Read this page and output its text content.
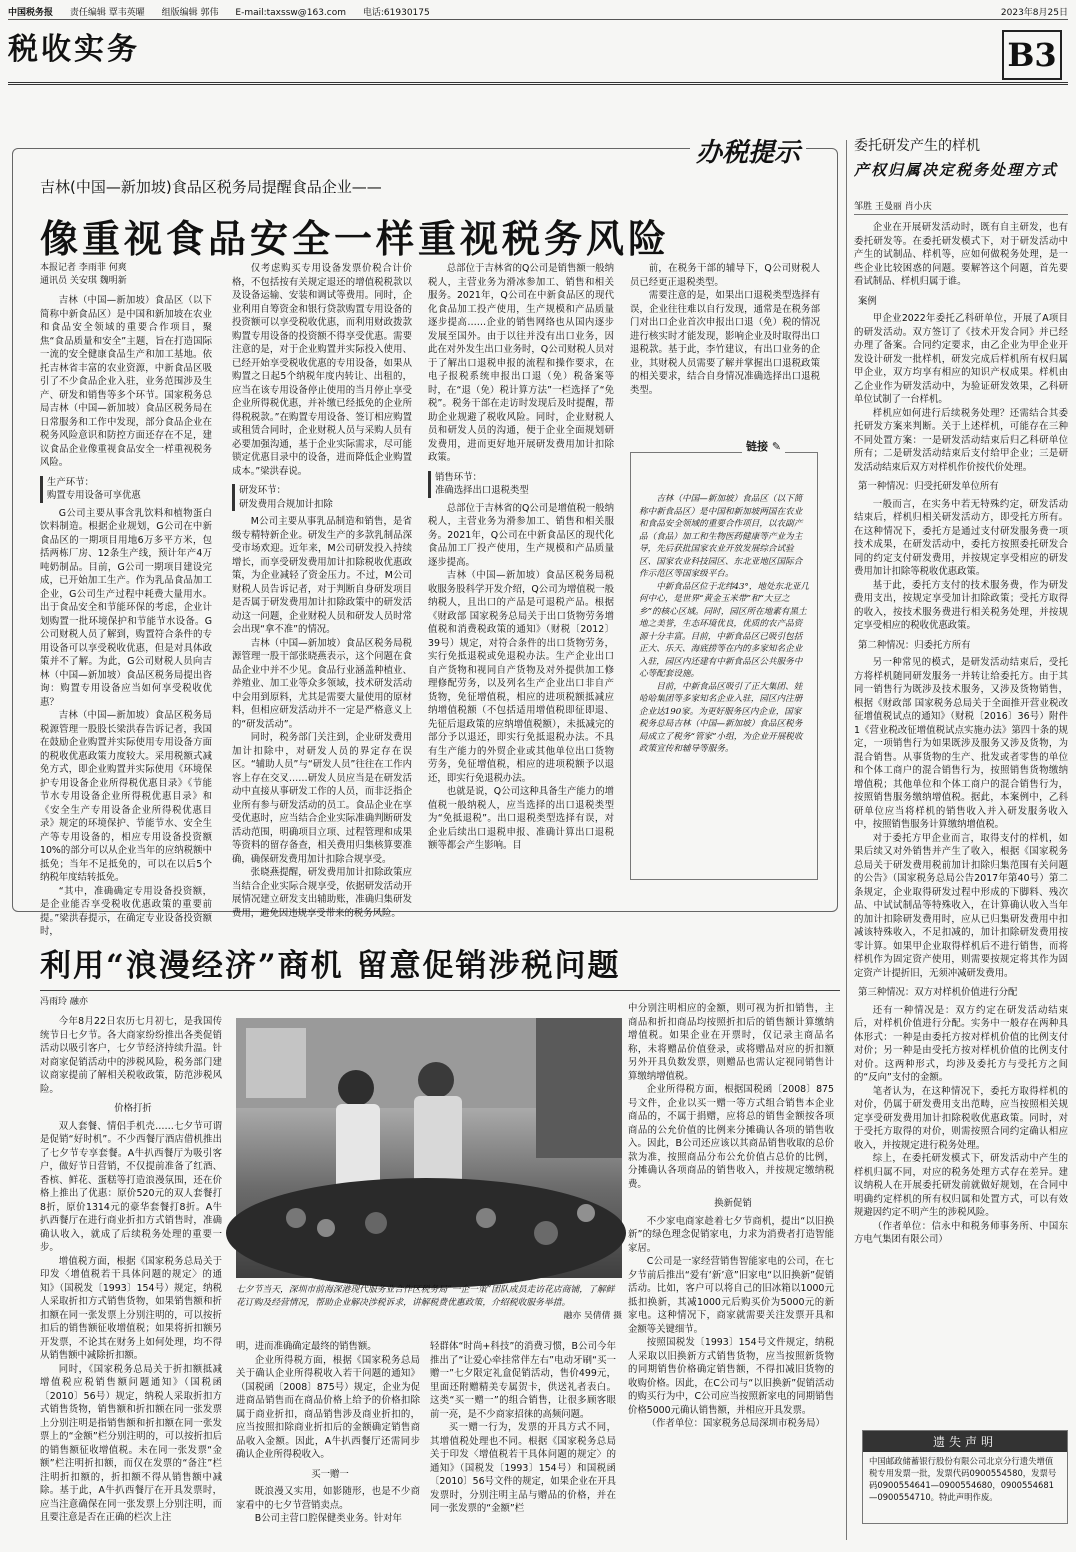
中国税务报 责任编辑 覃韦英曜 组版编辑 郭伟 E-mail:taxssw@163.com 电话:61930175	2023年8月25日
税收实务	B3
办税提示
吉林(中国—新加坡)食品区税务局提醒食品企业——
像重视食品安全一样重视税务风险
本报记者 李雨菲 何爽
通讯员 关安琪 魏明新

吉林（中国—新加坡）食品区（以下简称中新食品区）是中国和新加坡在农业和食品安全领域的重要合作项目，聚焦“食品质量和安全”主题，旨在打造国际一流的安全健康食品生产和加工基地。依托吉林省丰富的农业资源，中新食品区吸引了不少食品企业入驻，业务范围涉及生产、研发和销售等多个环节。国家税务总局吉林（中国—新加坡）食品区税务局在日常服务和工作中发现，部分食品企业在税务风险意识和防控方面还存在不足，建议食品企业像重视食品安全一样重视税务风险。

生产环节：
购置专用设备可享优惠

G公司主要从事含乳饮料和植物蛋白饮料制造。根据企业规划，G公司在中新食品区的一期项目用地6万多平方米，包括两栋厂房、12条生产线，预计年产4万吨奶制品。目前，G公司一期项目建设完成，已开始加工生产。作为乳品食品加工企业，G公司生产过程中耗费大量用水。出于食品安全和节能环保的考虑，企业计划购置一批环境保护和节能节水设备。G公司财税人员了解到，购置符合条件的专用设备可以享受税收优惠，但是对具体政策并不了解。为此，G公司财税人员向吉林（中国—新加坡）食品区税务局提出咨询：购置专用设备应当如何享受税收优惠？

吉林（中国—新加坡）食品区税务局税源管理一股股长梁洪春告诉记者，我国在鼓励企业购置并实际使用专用设备方面的税收优惠政策力度较大。采用税额式减免方式，即企业购置并实际使用《环境保护专用设备企业所得税优惠目录》《节能节水专用设备企业所得税优惠目录》和《安全生产专用设备企业所得税优惠目录》规定的环境保护、节能节水、安全生产等专用设备的，相应专用设备投资额10%的部分可以从企业当年的应纳税额中抵免；当年不足抵免的，可以在以后5个纳税年度结转抵免。

“其中，准确确定专用设备投资额，是企业能否享受税收优惠政策的重要前提。”梁洪春提示，在确定专业设备投资额时，

仅考虑购买专用设备发票价税合计价格，不包括按有关规定退还的增值税税款以及设备运输、安装和调试等费用。同时，企业利用自筹资金和银行贷款购置专用设备的投资额可以享受税收优惠，而利用财政拨款购置专用设备的投资额不得享受优惠。需要注意的是，对于企业购置并实际投入使用、已经开始享受税收优惠的专用设备，如果从购置之日起5个纳税年度内转让、出租的，应当在该专用设备停止使用的当月停止享受企业所得税优惠，并补缴已经抵免的企业所得税税款。”在购置专用设备、签订相应购置或租赁合同时，企业财税人员与采购人员有必要加强沟通，基于企业实际需求，尽可能锁定优惠目录中的设备，进而降低企业购置成本。”梁洪春说。

研发环节：
研发费用合规加计扣除

M公司主要从事乳品制造和销售，是省级专精特新企业。研发生产的多款乳制品深受市场欢迎。近年来，M公司研发投入持续增长，而享受研发费用加计扣除税收优惠政策，为企业减轻了资金压力。不过，M公司财税人员告诉记者，对于判断自身研发项目是否属于研发费用加计扣除政策中的研发活动这一问题，企业财税人员和研发人员时常会出现“拿不准”的情况。

吉林（中国—新加坡）食品区税务局税源管理一股干部张晓燕表示，这个问题在食品企业中并不少见。食品行业涵盖种植业、养殖业、加工业等众多领域，技术研发活动中会用到原料，尤其是需要大量使用的原材料，但相应研发活动并不一定是严格意义上的“研发活动”。

同时，税务部门关注到，企业研发费用加计扣除中，对研发人员的界定存在误区。“辅助人员”与“研发人员”往往在工作内容上存在交叉……研发人员应当是在研发活动中直接从事研发工作的人员，而非泛指企业所有参与研发活动的员工。食品企业在享受优惠时，应当结合企业实际准确判断研发活动范围，明确项目立项、过程管理和成果等资料的留存备查，相关费用归集核算要准确，确保研发费用加计扣除合规享受。

张晓燕提醒，研发费用加计扣除政策应当结合企业实际合规享受，依据研发活动开展情况建立研发支出辅助账，准确归集研发费用，避免因违规享受带来的税务风险。

总部位于吉林省的Q公司是销售额一般纳税人，主营业务为滑冰参加工、销售和相关服务。2021年，Q公司在中新食品区的现代化食品加工投产使用，生产规模和产品质量逐步提高……企业的销售网络也从国内逐步发展至国外。由于以往并没有出口业务，因此在对外发生出口业务时，Q公司财税人员对于了解出口退税申报的流程和操作要求，在电子报税系统申报出口退（免）税备案等时，在“退（免）税计算方法”一栏选择了“免税”。税务干部在走访时发现后及时提醒，帮助企业规避了税收风险。同时，企业财税人员和研发人员的沟通，便于企业全面规划研发费用，进而更好地开展研发费用加计扣除政策。

销售环节：
准确选择出口退税类型

总部位于吉林省的Q公司是增值税一般纳税人，主营业务为滑参加工、销售和相关服务。2021年，Q公司在中新食品区的现代化食品加工厂投产使用，生产规模和产品质量逐步提高。

吉林（中国—新加坡）食品区税务局税收服务股科学开发介绍，Q公司为增值税一般纳税人，且出口的产品是可退税产品。根据《财政部 国家税务总局关于出口货物劳务增值税和消费税政策的通知》（财税〔2012〕39号）规定，对符合条件的出口货物劳务，实行免抵退税或免退税办法。生产企业出口自产货物和视同自产货物及对外提供加工修理修配劳务，以及列名生产企业出口非自产货物，免征增值税，相应的进项税额抵减应纳增值税额（不包括适用增值税即征即退、先征后退政策的应纳增值税额），未抵减完的部分予以退还，即实行免抵退税办法。不具有生产能力的外贸企业或其他单位出口货物劳务，免征增值税，相应的进项税额予以退还，即实行免退税办法。

也就是说，Q公司这种具备生产能力的增值税一般纳税人，应当选择的出口退税类型为“免抵退税”。出口退税类型选择有误，对企业后续出口退税申报、准确计算出口退税额等都会产生影响。目

前，在税务干部的辅导下，Q公司财税人员已经更正退税类型。

需要注意的是，如果出口退税类型选择有误，企业往往难以自行发现，通常是在税务部门对出口企业首次申报出口退（免）税的情况进行核实时才能发现，影响企业及时取得出口退税款。基于此，李竹建议，有出口业务的企业，其财税人员需要了解并掌握出口退税政策的相关要求，结合自身情况准确选择出口退税类型。

吉林（中国—新加坡）食品区（以下简称中新食品区）是中国和新加坡两国在农业和食品安全领域的重要合作项目，以农副产品（食品）加工和生物医药健康等产业为主导，先后获批国家农业开放发展综合试验区、国家农业科技园区、东北亚地区国际合作示范区等国家级平台。

中新食品区位于北纬43°，地处东北亚几何中心，是世界“黄金玉米带”和“大豆之乡”的核心区域。同时，园区所在地素有黑土地之美誉，生态环境优良，优质的农产品资源十分丰富。目前，中新食品区已吸引包括正大、乐天、海底捞等在内的多家知名企业入驻，园区内还建有中新食品区公共服务中心等配套设施。

目前，中新食品区吸引了正大集团、娃哈哈集团等多家知名企业入驻，园区内注册企业达190家。为更好服务区内企业，国家税务总局吉林（中国—新加坡）食品区税务局成立了税务“管家”小组，为企业开展税收政策宣传和辅导等服务。

链接 ✎
利用“浪漫经济”商机 留意促销涉税问题
冯雨玲 融亦

今年8月22日农历七月初七，是我国传统节日七夕节。各大商家纷纷推出各类促销活动以吸引客户，七夕节经济持续升温。针对商家促销活动中的涉税风险，税务部门建议商家提前了解相关税收政策，防范涉税风险。

价格打折

双人套餐、情侣手机壳……七夕节可谓是促销“好时机”。不少西餐厅酒店借机推出了七夕节专享套餐。A牛扒西餐厅为吸引客户，做好节日营销，不仅提前准备了红酒、香槟、鲜花、蛋糕等打造浪漫氛围，还在价格上推出了优惠：原价520元的双人套餐打8折，原价1314元的豪华套餐打8折。A牛扒西餐厅在进行商业折扣方式销售时，准确确认收入，就成了后续税务处理的重要一步。

增值税方面，根据《国家税务总局关于印发〈增值税若干具体问题的规定〉的通知》（国税发〔1993〕154号）规定，纳税人采取折扣方式销售货物，如果销售额和折扣额在同一张发票上分别注明的，可以按折扣后的销售额征收增值税；如果将折扣额另开发票，不论其在财务上如何处理，均不得从销售额中减除折扣额。

同时，《国家税务总局关于折扣额抵减增值税应税销售额问题通知》（国税函〔2010〕56号）规定，纳税人采取折扣方式销售货物，销售额和折扣额在同一张发票上分别注明是指销售额和折扣额在同一张发票上的“金额”栏分别注明的，可以按折扣后的销售额征收增值税。未在同一张发票“金额”栏注明折扣额，而仅在发票的“备注”栏注明折扣额的，折扣额不得从销售额中减除。基于此，A牛扒西餐厅在开具发票时，应当注意确保在同一张发票上分别注明，而且要注意是否在正确的栏次上注

七夕节当天，深圳市前海深港现代服务业合作区税务局“一企一策”团队成员走访花店商铺，了解鲜花订购及经营情况，帮助企业解决涉税诉求，讲解税费优惠政策，介绍税收服务举措。
融亦 吴倩倩 摄

明，进而准确确定最终的销售额。

企业所得税方面，根据《国家税务总局关于确认企业所得税收入若干问题的通知》（国税函〔2008〕875号）规定，企业为促进商品销售而在商品价格上给予的价格扣除属于商业折扣，商品销售涉及商业折扣的，应当按照扣除商业折扣后的金额确定销售商品收入金额。因此，A牛扒西餐厅还需同步确认企业所得税收入。

买一赠一

既浪漫又实用，如影随形，也是不少商家看中的七夕节营销卖点。

B公司主营口腔保健类业务。针对年

轻群体“时尚+科技”的消费习惯，B公司今年推出了“让爱心牵挂常伴左右”电动牙刷“买一赠一”七夕限定礼盒促销活动，售价499元，里面还附赠精美专属贺卡，供送礼者表白。这类“买一赠一”的组合销售，让很多顾客眼前一亮，是不少商家招徕的高频问题。

买一赠一行为，发票的开具方式不同，其增值税处理也不同。根据《国家税务总局关于印发〈增值税若干具体问题的规定〉的通知》（国税发〔1993〕154号）和国税函〔2010〕56号文件的规定，如果企业在开具发票时，分别注明主品与赠品的价格，并在同一张发票的“金额”栏

中分别注明相应的金额，则可视为折扣销售，主商品和折扣商品均按照折扣后的销售额计算缴纳增值税。如果企业在开票时，仅记录主商品名称，未将赠品价值登录，或将赠品对应的折扣额另外开具负数发票，则赠品也需认定视同销售计算缴纳增值税。

企业所得税方面，根据国税函〔2008〕875号文件，企业以买一赠一等方式组合销售本企业商品的，不属于捐赠，应将总的销售金额按各项商品的公允价值的比例来分摊确认各项的销售收入。因此，B公司还应该以其商品销售收取的总价款为准，按照商品分布公允价值占总价的比例，分摊确认各项商品的销售收入，并按规定缴纳税费。

换新促销

不少家电商家趁着七夕节商机，提出“以旧换新”的绿色理念促销家电，力求为消费者打造智能家居。

C公司是一家经营销售智能家电的公司，在七夕节前后推出“爱有‘新’意”旧家电“以旧换新”促销活动。比如，客户可以将自己的旧冰箱以1000元抵扣换新，其减1000元后购买价为5000元的新家电。这种情况下，商家就需要关注发票开具和金额等关键细节。

按照国税发〔1993〕154号文件规定，纳税人采取以旧换新方式销售货物，应当按照新货物的同期销售价格确定销售额，不得扣减旧货物的收购价格。因此，在C公司与“以旧换新”促销活动的购买行为中，C公司应当按照新家电的同期销售价格5000元确认销售额，并相应开具发票。

（作者单位：国家税务总局深圳市税务局）

委托研发产生的样机
产权归属决定税务处理方式
邹胜 王曼丽 肖小庆

企业在开展研发活动时，既有自主研发，也有委托研发等。在委托研发模式下，对于研发活动中产生的试制品、样机等，应如何做税务处理，是一些企业比较困惑的问题。要解答这个问题，首先要看试制品、样机归属于谁。

案例

甲企业2022年委托乙科研单位，开展了A项目的研发活动。双方签订了《技术开发合同》并已经办理了备案。合同约定要求，由乙企业为甲企业开发设计研发一批样机，研发完成后样机所有权归属甲企业，双方均享有相应的知识产权成果。样机由乙企业作为研发活动中，为验证研发效果，乙科研单位试制了一台样机。

样机应如何进行后续税务处理？还需结合其委托研发方案来判断。关于上述样机，可能存在三种不同处置方案：一是研发活动结束后归乙科研单位所有；二是研发活动结束后支付给甲企业；三是研发活动结束后双方对样机作价按代价处理。

第一种情况：归受托研发单位所有

一般而言，在实务中若无特殊约定，研发活动结束后，样机归相关研发活动方，即受托方所有。在这种情况下，委托方是通过支付研发服务费一项技术成果，在研发活动中，委托方按照委托研发合同的约定支付研发费用，并按规定享受相应的研发费用加计扣除等税收优惠政策。

基于此，委托方支付的技术服务费，作为研发费用支出，按规定享受加计扣除政策；受托方取得的收入，按技术服务费进行相关税务处理，并按规定享受相应的税收优惠政策。

第二种情况：归委托方所有

另一种常见的模式，是研发活动结束后，受托方将样机随同研发服务一并转让给委托方。由于其同一销售行为既涉及技术服务，又涉及货物销售，根据《财政部 国家税务总局关于全面推开营业税改征增值税试点的通知》（财税〔2016〕36号）附件1《营业税改征增值税试点实施办法》第四十条的规定，一项销售行为如果既涉及服务又涉及货物，为混合销售。从事货物的生产、批发或者零售的单位和个体工商户的混合销售行为，按照销售货物缴纳增值税；其他单位和个体工商户的混合销售行为，按照销售服务缴纳增值税。据此，本案例中，乙科研单位应当将样机的销售收入并入研发服务收入中，按照销售服务计算缴纳增值税。

对于委托方甲企业而言，取得支付的样机，如果后续又对外销售并产生了收入，根据《国家税务总局关于研发费用税前加计扣除归集范围有关问题的公告》（国家税务总局公告2017年第40号）第二条规定，企业取得研发过程中形成的下脚料、残次品、中试试制品等特殊收入，在计算确认收入当年的加计扣除研发费用时，应从已归集研发费用中扣减该特殊收入，不足扣减的，加计扣除研发费用按零计算。如果甲企业取得样机后不进行销售，而将样机作为固定资产使用，则需要按规定将其作为固定资产计提折旧，无须冲减研发费用。

第三种情况：双方对样机价值进行分配

还有一种情况是：双方约定在研发活动结束后，对样机价值进行分配。实务中一般存在两种具体形式：一种是由委托方按对样机价值的比例支付对价；另一种是由受托方按对样机价值的比例支付对价。这两种形式，均涉及委托方与受托方之间的“反向”支付的金额。

笔者认为，在这种情况下，委托方取得样机的对价，仍属于研发费用支出范畴，应当按照相关规定享受研发费用加计扣除税收优惠政策。同时，对于受托方取得的对价，则需按照合同约定确认相应收入，并按规定进行税务处理。

综上，在委托研发模式下，研发活动中产生的样机归属不同，对应的税务处理方式存在差异。建议纳税人在开展委托研发前就做好规划，在合同中明确约定样机的所有权归属和处置方式，可以有效规避因约定不明产生的涉税风险。

（作者单位：信永中和税务师事务所、中国东方电气集团有限公司）

遗失声明
中国邮政储蓄银行股份有限公司北京分行遗失增值税专用发票一批，发票代码0900554580，发票号码0900554641—0900554680，0900554681—0900554710。特此声明作废。
